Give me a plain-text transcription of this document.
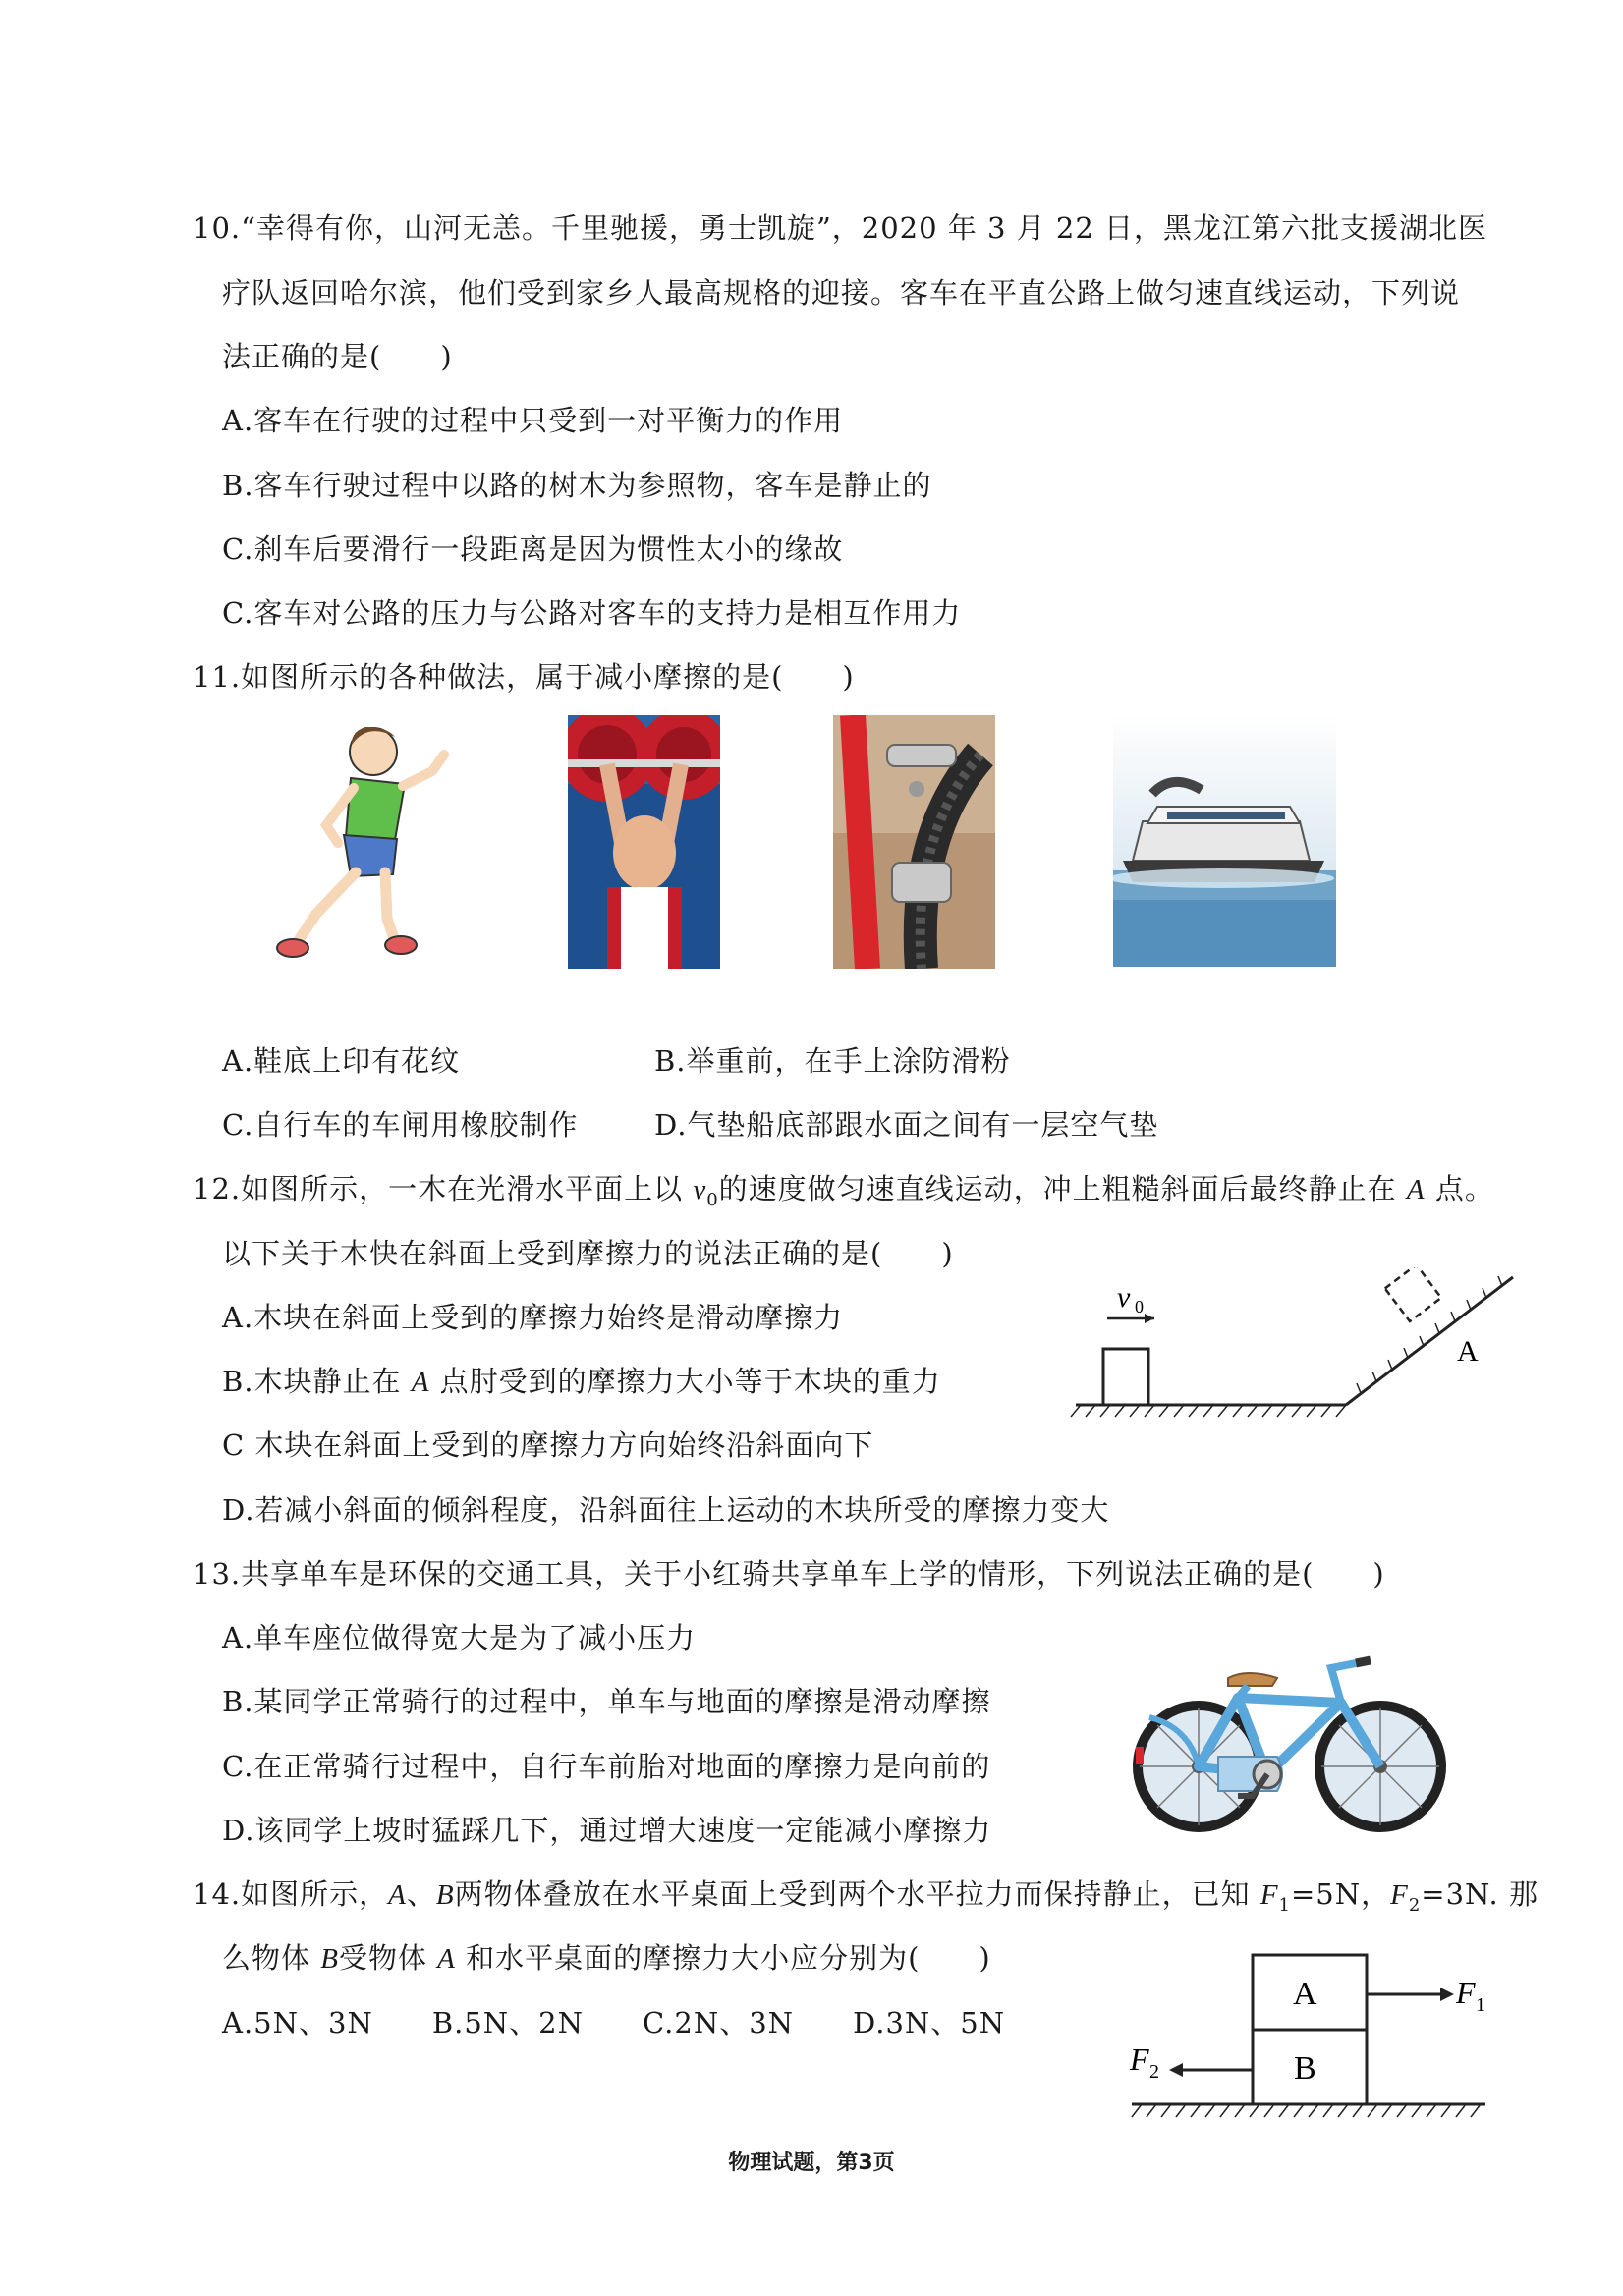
10.“幸得有你，山河无恙。千里驰援，勇士凯旋”，2020 年 3 月 22 日，黑龙江第六批支援湖北医
疗队返回哈尔滨，他们受到家乡人最高规格的迎接。客车在平直公路上做匀速直线运动，下列说
法正确的是(　　)
A.客车在行驶的过程中只受到一对平衡力的作用
B.客车行驶过程中以路的树木为参照物，客车是静止的
C.刹车后要滑行一段距离是因为惯性太小的缘故
C.客车对公路的压力与公路对客车的支持力是相互作用力
11.如图所示的各种做法，属于减小摩擦的是(　　)
A.鞋底上印有花纹	B.举重前，在手上涂防滑粉
C.自行车的车闸用橡胶制作	D.气垫船底部跟水面之间有一层空气垫
12.如图所示，一木在光滑水平面上以 $v_0$的速度做匀速直线运动，冲上粗糙斜面后最终静止在 A 点。
以下关于木快在斜面上受到摩擦力的说法正确的是(　　)
A.木块在斜面上受到的摩擦力始终是滑动摩擦力
B.木块静止在 A 点肘受到的摩擦力大小等于木块的重力
C 木块在斜面上受到的摩擦力方向始终沿斜面向下
D.若减小斜面的倾斜程度，沿斜面往上运动的木块所受的摩擦力变大
v 0
A
13.共享单车是环保的交通工具，关于小红骑共享单车上学的情形，下列说法正确的是(　　)
A.单车座位做得宽大是为了减小压力
B.某同学正常骑行的过程中，单车与地面的摩擦是滑动摩擦
C.在正常骑行过程中，自行车前胎对地面的摩擦力是向前的
D.该同学上坡时猛踩几下，通过增大速度一定能减小摩擦力
14.如图所示，A、B两物体叠放在水平桌面上受到两个水平拉力而保持静止，已知 $F_1=5N$，$F_2=3N$. 那
么物体 B受物体 A 和水平桌面的摩擦力大小应分别为(　　)
A.5N、3N　　B.5N、2N　　C.2N、3N　　D.3N、5N
A
B
F 1
F 2
物理试题，第3页
